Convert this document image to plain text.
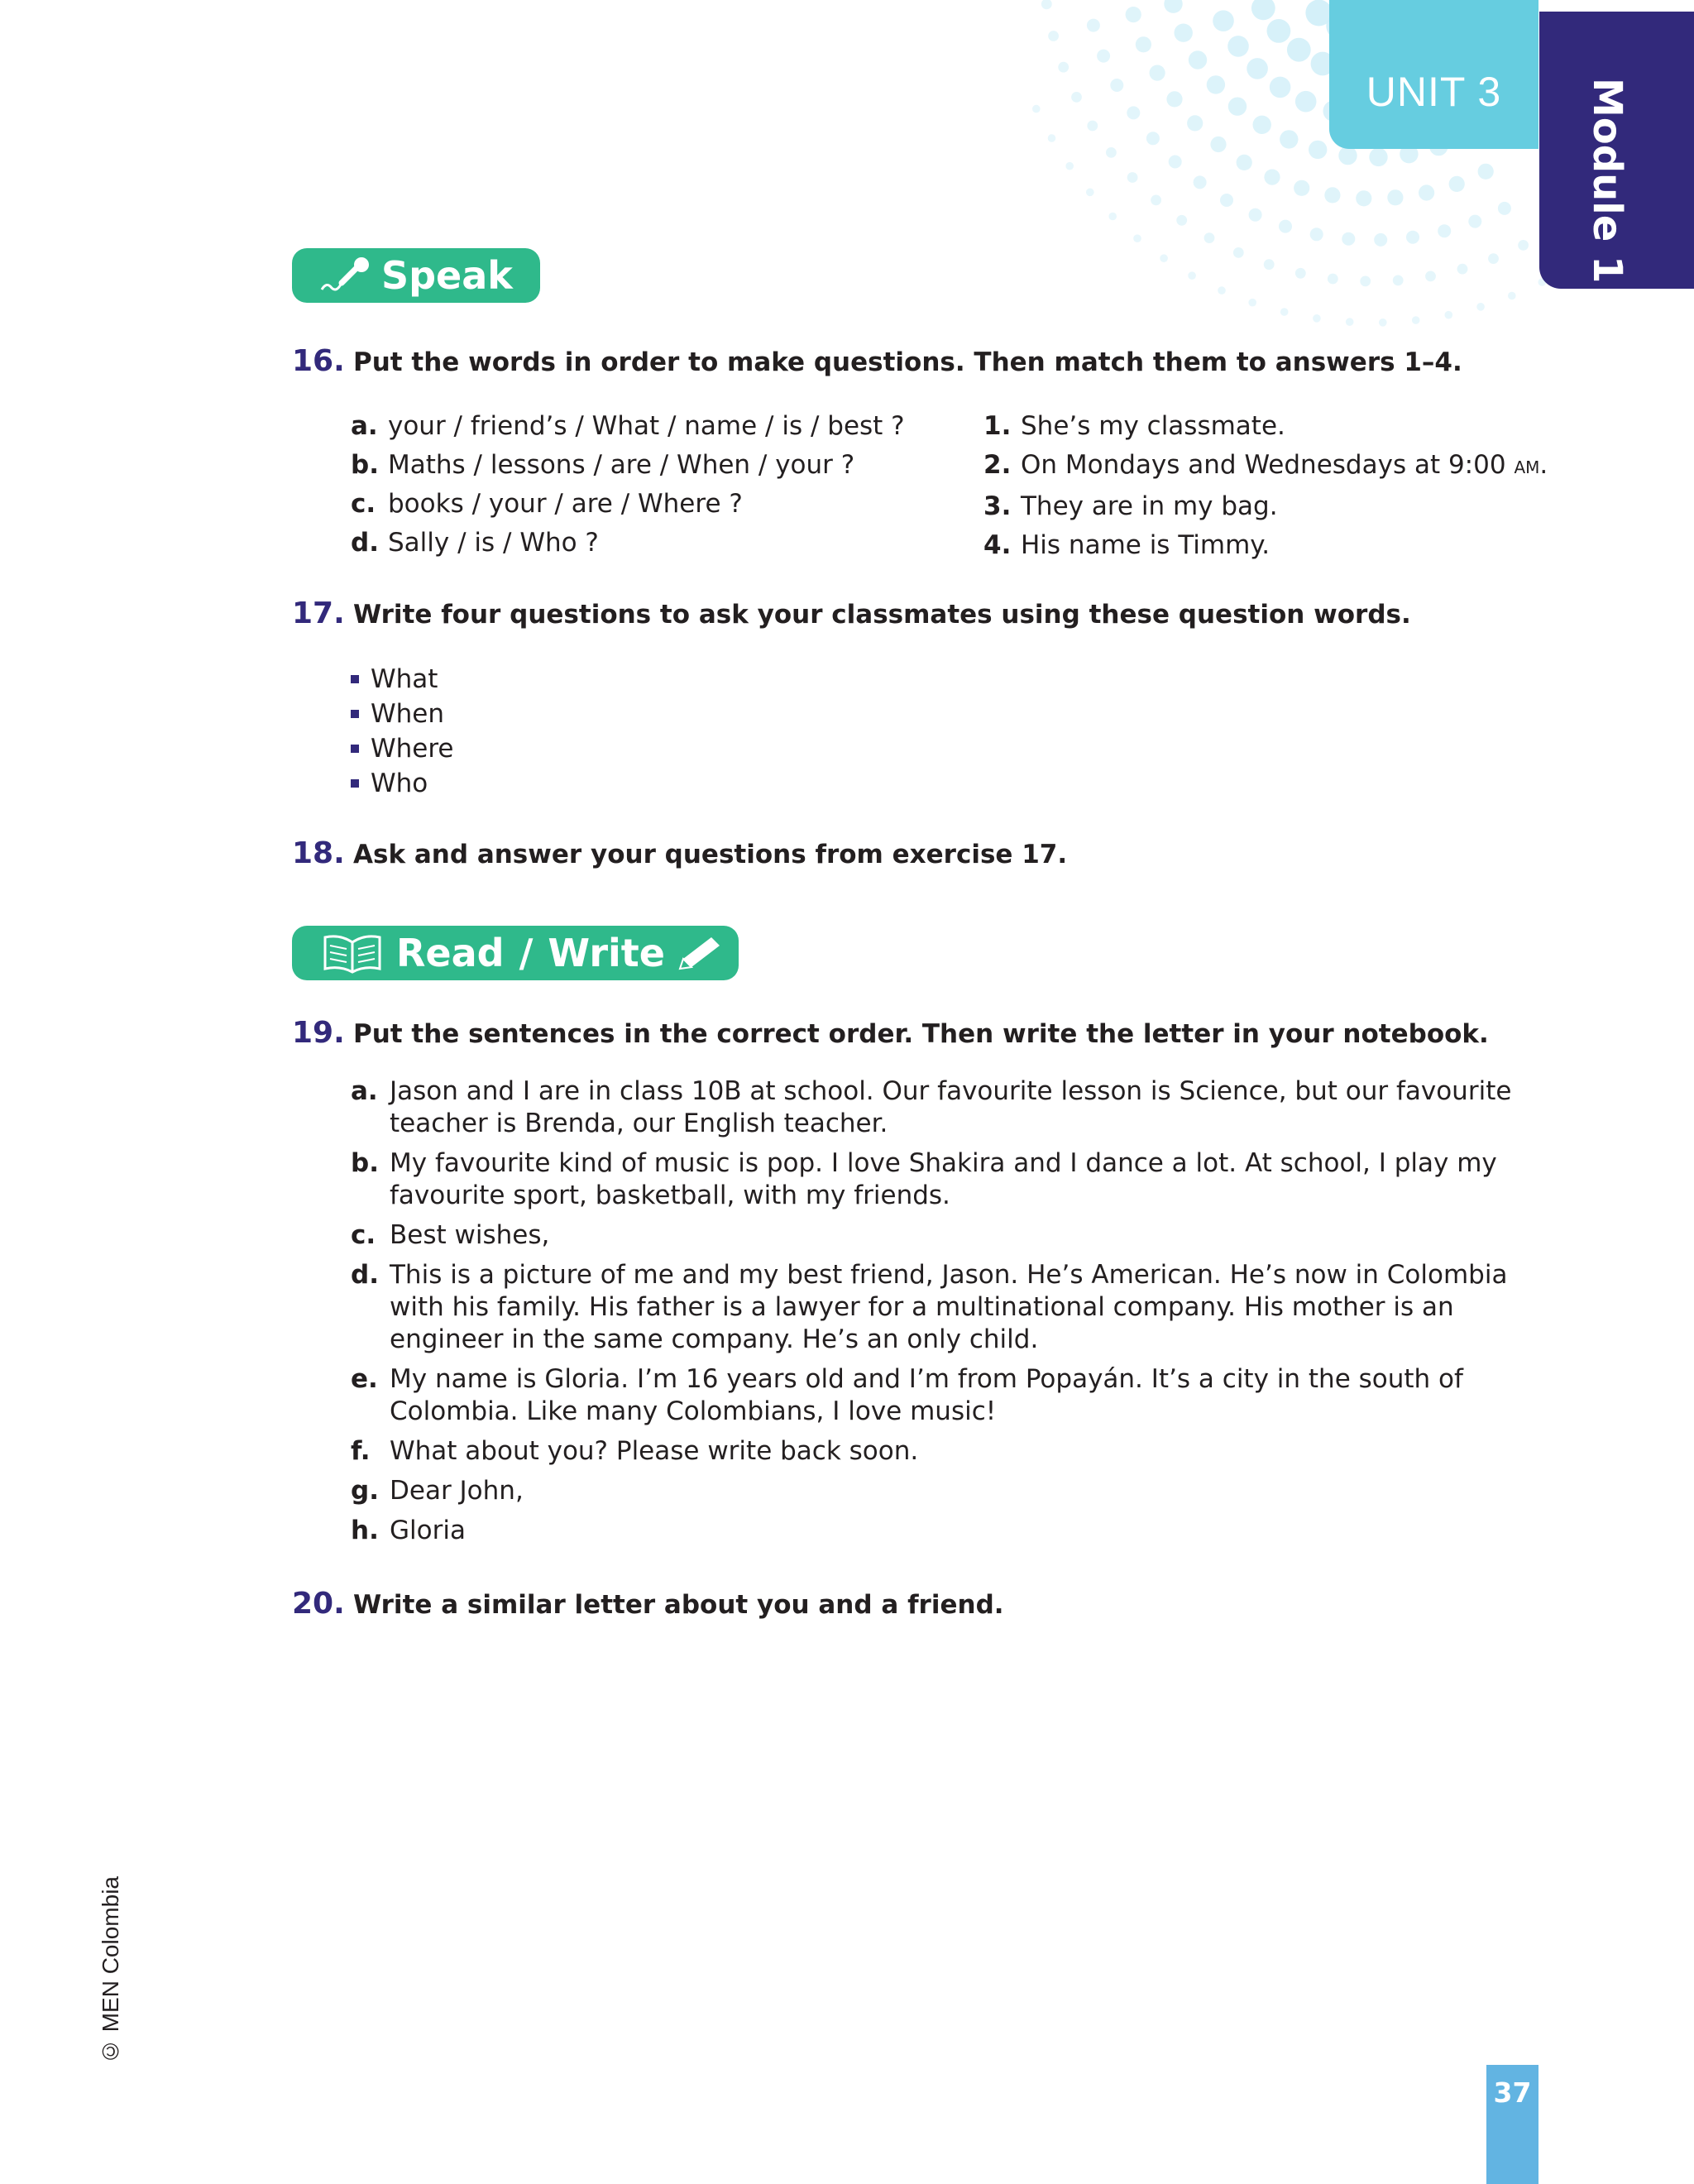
UNIT 3 Module 1
Speak
16. Put the words in order to make questions. Then match them to answers 1–4.
a. your / friend’s / What / name / is / best ?
b. Maths / lessons / are / When / your ?
c. books / your / are / Where ?
d. Sally / is / Who ?
1. She’s my classmate.
2. On Mondays and Wednesdays at 9:00 AM.
3. They are in my bag.
4. His name is Timmy.
17. Write four questions to ask your classmates using these question words.
What
When
Where
Who
18. Ask and answer your questions from exercise 17.
Read / Write
19. Put the sentences in the correct order. Then write the letter in your notebook.
a. Jason and I are in class 10B at school. Our favourite lesson is Science, but our favourite teacher is Brenda, our English teacher.
b. My favourite kind of music is pop. I love Shakira and I dance a lot. At school, I play my favourite sport, basketball, with my friends.
c. Best wishes,
d. This is a picture of me and my best friend, Jason. He’s American. He’s now in Colombia with his family. His father is a lawyer for a multinational company. His mother is an engineer in the same company. He’s an only child.
e. My name is Gloria. I’m 16 years old and I’m from Popayán. It’s a city in the south of Colombia. Like many Colombians, I love music!
f. What about you? Please write back soon.
g. Dear John,
h. Gloria
20. Write a similar letter about you and a friend.
© MEN Colombia
37
